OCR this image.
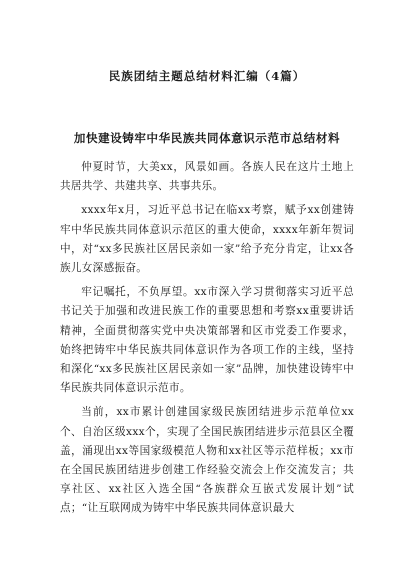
民族团结主题总结材料汇编（4篇）
加快建设铸牢中华民族共同体意识示范市总结材料

仲夏时节，大美xx，风景如画。各族人民在这片土地上共居共学、共建共享、共事共乐。

xxxx年x月，习近平总书记在临xx考察，赋予xx创建铸牢中华民族共同体意识示范区的重大使命，xxxx年新年贺词中，对“xx多民族社区居民亲如一家”给予充分肯定，让xx各族儿女深感振奋。

牢记嘱托，不负厚望。xx市深入学习贯彻落实习近平总书记关于加强和改进民族工作的重要思想和考察xx重要讲话精神，全面贯彻落实党中央决策部署和区市党委工作要求，始终把铸牢中华民族共同体意识作为各项工作的主线，坚持和深化“xx多民族社区居民亲如一家”品牌，加快建设铸牢中华民族共同体意识示范市。

当前，xx市累计创建国家级民族团结进步示范单位xx个、自治区级xxx个，实现了全国民族团结进步示范县区全覆盖，涌现出xx等国家级模范人物和xx社区等示范样板；xx市在全国民族团结进步创建工作经验交流会上作交流发言；共享社区、xx社区入选全国“各族群众互嵌式发展计划”试点；“让互联网成为铸牢中华民族共同体意识最大
